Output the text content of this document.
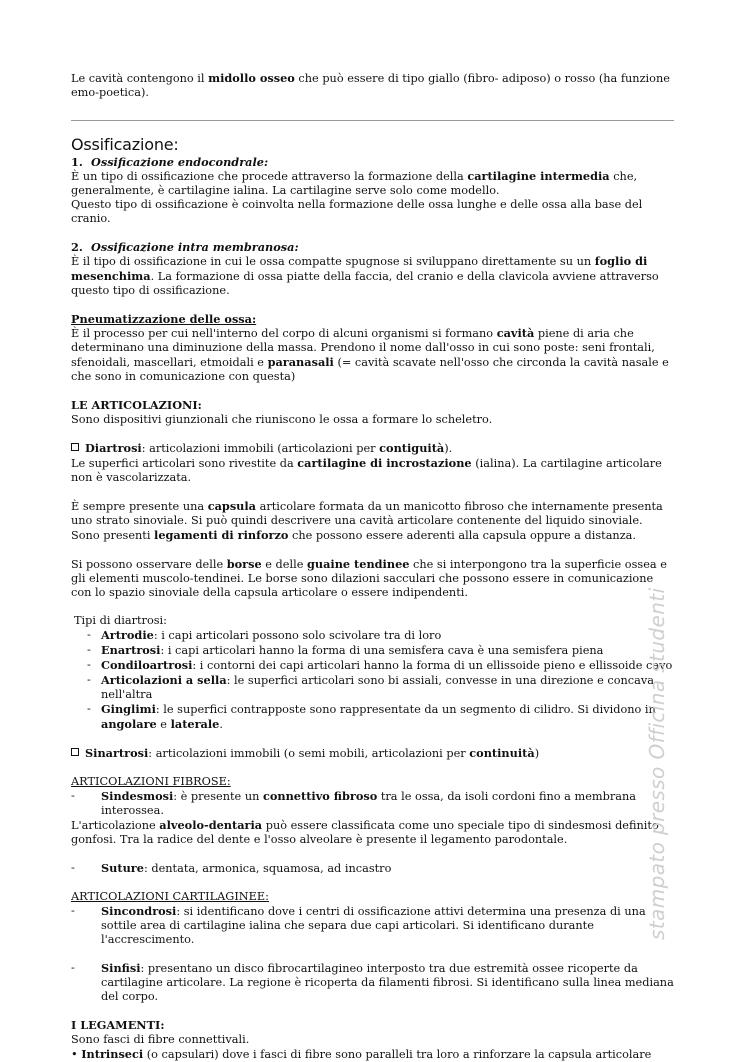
Le cavità contengono il midollo osseo che può essere di tipo giallo (fibro- adiposo) o rosso (ha funzione emo-poetica).

Ossificazione:

1. Ossificazione endocondrale:

È un tipo di ossificazione che procede attraverso la formazione della cartilagine intermedia che, generalmente, è cartilagine ialina. La cartilagine serve solo come modello.

Questo tipo di ossificazione è coinvolta nella formazione delle ossa lunghe e delle ossa alla base del cranio.

2. Ossificazione intra membranosa:

È il tipo di ossificazione in cui le ossa compatte spugnose si sviluppano direttamente su un foglio di mesenchima. La formazione di ossa piatte della faccia, del cranio e della clavicola avviene attraverso questo tipo di ossificazione.

Pneumatizzazione delle ossa:

È il processo per cui nell'interno del corpo di alcuni organismi si formano cavità piene di aria che determinano una diminuzione della massa. Prendono il nome dall'osso in cui sono poste: seni frontali, sfenoidali, mascellari, etmoidali e paranasali (= cavità scavate nell'osso che circonda la cavità nasale e che sono in comunicazione con questa)

LE ARTICOLAZIONI:

Sono dispositivi giunzionali che riuniscono le ossa a formare lo scheletro.

Diartrosi: articolazioni immobili (articolazioni per contiguità).

Le superfici articolari sono rivestite da cartilagine di incrostazione (ialina). La cartilagine articolare non è vascolarizzata.

È sempre presente una capsula articolare formata da un manicotto fibroso che internamente presenta uno strato sinoviale. Si può quindi descrivere una cavità articolare contenente del liquido sinoviale.

Sono presenti legamenti di rinforzo che possono essere aderenti alla capsula oppure a distanza.

Si possono osservare delle borse e delle guaine tendinee che si interpongono tra la superficie ossea e gli elementi muscolo-tendinei. Le borse sono dilazioni sacculari che possono essere in comunicazione con lo spazio sinoviale della capsula articolare o essere indipendenti.

Tipi di diartrosi:

- Artrodie: i capi articolari possono solo scivolare tra di loro
- Enartrosi: i capi articolari hanno la forma di una semisfera cava è una semisfera piena
- Condiloartrosi: i contorni dei capi articolari hanno la forma di un ellissoide pieno e ellissoide cavo
- Articolazioni a sella: le superfici articolari sono bi assiali, convesse in una direzione e concava nell'altra
- Ginglimi: le superfici contrapposte sono rappresentate da un segmento di cilidro. Si dividono in angolare e laterale.

Sinartrosi: articolazioni immobili (o semi mobili, articolazioni per continuità)

ARTICOLAZIONI FIBROSE:

- Sindesmosi: è presente un connettivo fibroso tra le ossa, da isoli cordoni fino a membrana interossea.

L'articolazione alveolo-dentaria può essere classificata come uno speciale tipo di sindesmosi definito gonfosi. Tra la radice del dente e l'osso alveolare è presente il legamento parodontale.

- Suture: dentata, armonica, squamosa, ad incastro

ARTICOLAZIONI CARTILAGINEE:

- Sincondrosi: si identificano dove i centri di ossificazione attivi determina una presenza di una sottile area di cartilagine ialina che separa due capi articolari. Si identificano durante l'accrescimento.

- Sinfisi: presentano un disco fibrocartilagineo interposto tra due estremità ossee ricoperte da cartilagine articolare. La regione è ricoperta da filamenti fibrosi. Si identificano sulla linea mediana del corpo.

I LEGAMENTI:

Sono fasci di fibre connettivali.

• Intrinseci (o capsulari) dove i fasci di fibre sono paralleli tra loro a rinforzare la capsula articolare

stampato presso Officina studenti
